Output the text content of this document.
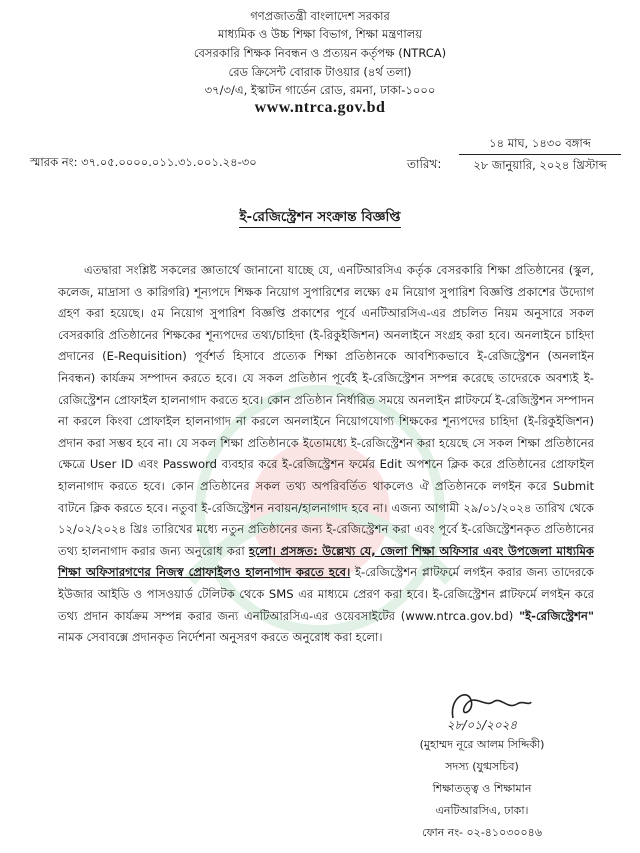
গণপ্রজাতন্ত্রী বাংলাদেশ সরকার
মাধ্যমিক ও উচ্চ শিক্ষা বিভাগ, শিক্ষা মন্ত্রণালয়
বেসরকারি শিক্ষক নিবন্ধন ও প্রত্যয়ন কর্তৃপক্ষ (NTRCA)
রেড ক্রিসেন্ট বোরাক টাওয়ার (৪র্থ তলা)
৩৭/৩/এ, ইস্কাটন গার্ডেন রোড, রমনা, ঢাকা-১০০০
www.ntrca.gov.bd
স্মারক নং: ৩৭.০৫.০০০০.০১১.৩১.০০১.২৪-৩০	তারিখ:
১৪ মাঘ, ১৪৩০ বঙ্গাব্দ
২৮ জানুয়ারি, ২০২৪ খ্রিস্টাব্দ
ই-রেজিস্ট্রেশন সংক্রান্ত বিজ্ঞপ্তি
এতদ্বারা সংশ্লিষ্ট সকলের জ্ঞাতার্থে জানানো যাচ্ছে যে, এনটিআরসিএ কর্তৃক বেসরকারি শিক্ষা প্রতিষ্ঠানের (স্কুল, কলেজ, মাদ্রাসা ও কারিগরি) শূন্যপদে শিক্ষক নিয়োগ সুপারিশের লক্ষ্যে ৫ম নিয়োগ সুপারিশ বিজ্ঞপ্তি প্রকাশের উদ্যোগ গ্রহণ করা হয়েছে। ৫ম নিয়োগ সুপারিশ বিজ্ঞপ্তি প্রকাশের পূর্বে এনটিআরসিএ-এর প্রচলিত নিয়ম অনুসারে সকল বেসরকারি প্রতিষ্ঠানের শিক্ষকের শূন্যপদের তথ্য/চাহিদা (ই-রিকুইজিশন) অনলাইনে সংগ্রহ করা হবে। অনলাইনে চাহিদা প্রদানের (E-Requisition) পূর্বশর্ত হিসাবে প্রত্যেক শিক্ষা প্রতিষ্ঠানকে আবশ্যিকভাবে ই-রেজিস্ট্রেশন (অনলাইন নিবন্ধন) কার্যক্রম সম্পাদন করতে হবে। যে সকল প্রতিষ্ঠান পূর্বেই ই-রেজিস্ট্রেশন সম্পন্ন করেছে তাদেরকে অবশ্যই ই-রেজিস্ট্রেশন প্রোফাইল হালনাগাদ করতে হবে। কোন প্রতিষ্ঠান নির্ধারিত সময়ে অনলাইন প্লাটফর্মে ই-রেজিস্ট্রশন সম্পাদন না করলে কিংবা প্রোফাইল হালনাগাদ না করলে অনলাইনে নিয়োগযোগ্য শিক্ষকের শূন্যপদের চাহিদা (ই-রিকুইজিশন) প্রদান করা সম্ভব হবে না। যে সকল শিক্ষা প্রতিষ্ঠানকে ইতোমধ্যে ই-রেজিস্ট্রেশন করা হয়েছে সে সকল শিক্ষা প্রতিষ্ঠানের ক্ষেত্রে User ID এবং Password ব্যবহার করে ই-রেজিস্ট্রেশন ফর্মের Edit অপশনে ক্লিক করে প্রতিষ্ঠানের প্রোফাইল হালনাগাদ করতে হবে। কোন প্রতিষ্ঠানের সকল তথ্য অপরিবর্তিত থাকলেও ঐ প্রতিষ্ঠানকে লগইন করে Submit বাটনে ক্লিক করতে হবে। নতুবা ই-রেজিস্ট্রেশন নবায়ন/হালনাগাদ হবে না। এজন্য আগামী ২৯/০১/২০২৪ তারিখ থেকে ১২/০২/২০২৪ খ্রিঃ তারিখের মধ্যে নতুন প্রতিষ্ঠানের জন্য ই-রেজিস্ট্রেশন করা এবং পূর্বে ই-রেজিস্ট্রেশনকৃত প্রতিষ্ঠানের তথ্য হালনাগাদ করার জন্য অনুরোধ করা হলো। প্রসঙ্গত: উল্লেখ্য যে, জেলা শিক্ষা অফিসার এবং উপজেলা মাধ্যমিক শিক্ষা অফিসারগণের নিজস্ব প্রোফাইলও হালনাগাদ করতে হবে। ই-রেজিস্ট্রেশন প্লাটফর্মে লগইন করার জন্য তাদেরকে ইউজার আইডি ও পাসওয়ার্ড টেলিটক থেকে SMS এর মাধ্যমে প্রেরণ করা হবে। ই-রেজিস্ট্রেশন প্লাটফর্মে লগইন করে তথ্য প্রদান কার্যক্রম সম্পন্ন করার জন্য এনটিআরসিএ-এর ওয়েবসাইটের (www.ntrca.gov.bd) "ই-রেজিস্ট্রেশন" নামক সেবাবক্সে প্রদানকৃত নির্দেশনা অনুসরণ করতে অনুরোধ করা হলো।
২৮/০১/২০২৪
(মুহাম্মদ নূরে আলম সিদ্দিকী)
সদস্য (যুগ্মসচিব)
শিক্ষাতত্ত্ব ও শিক্ষামান
এনটিআরসিএ, ঢাকা।
ফোন নং- ০২-৪১০৩০০৪৬
